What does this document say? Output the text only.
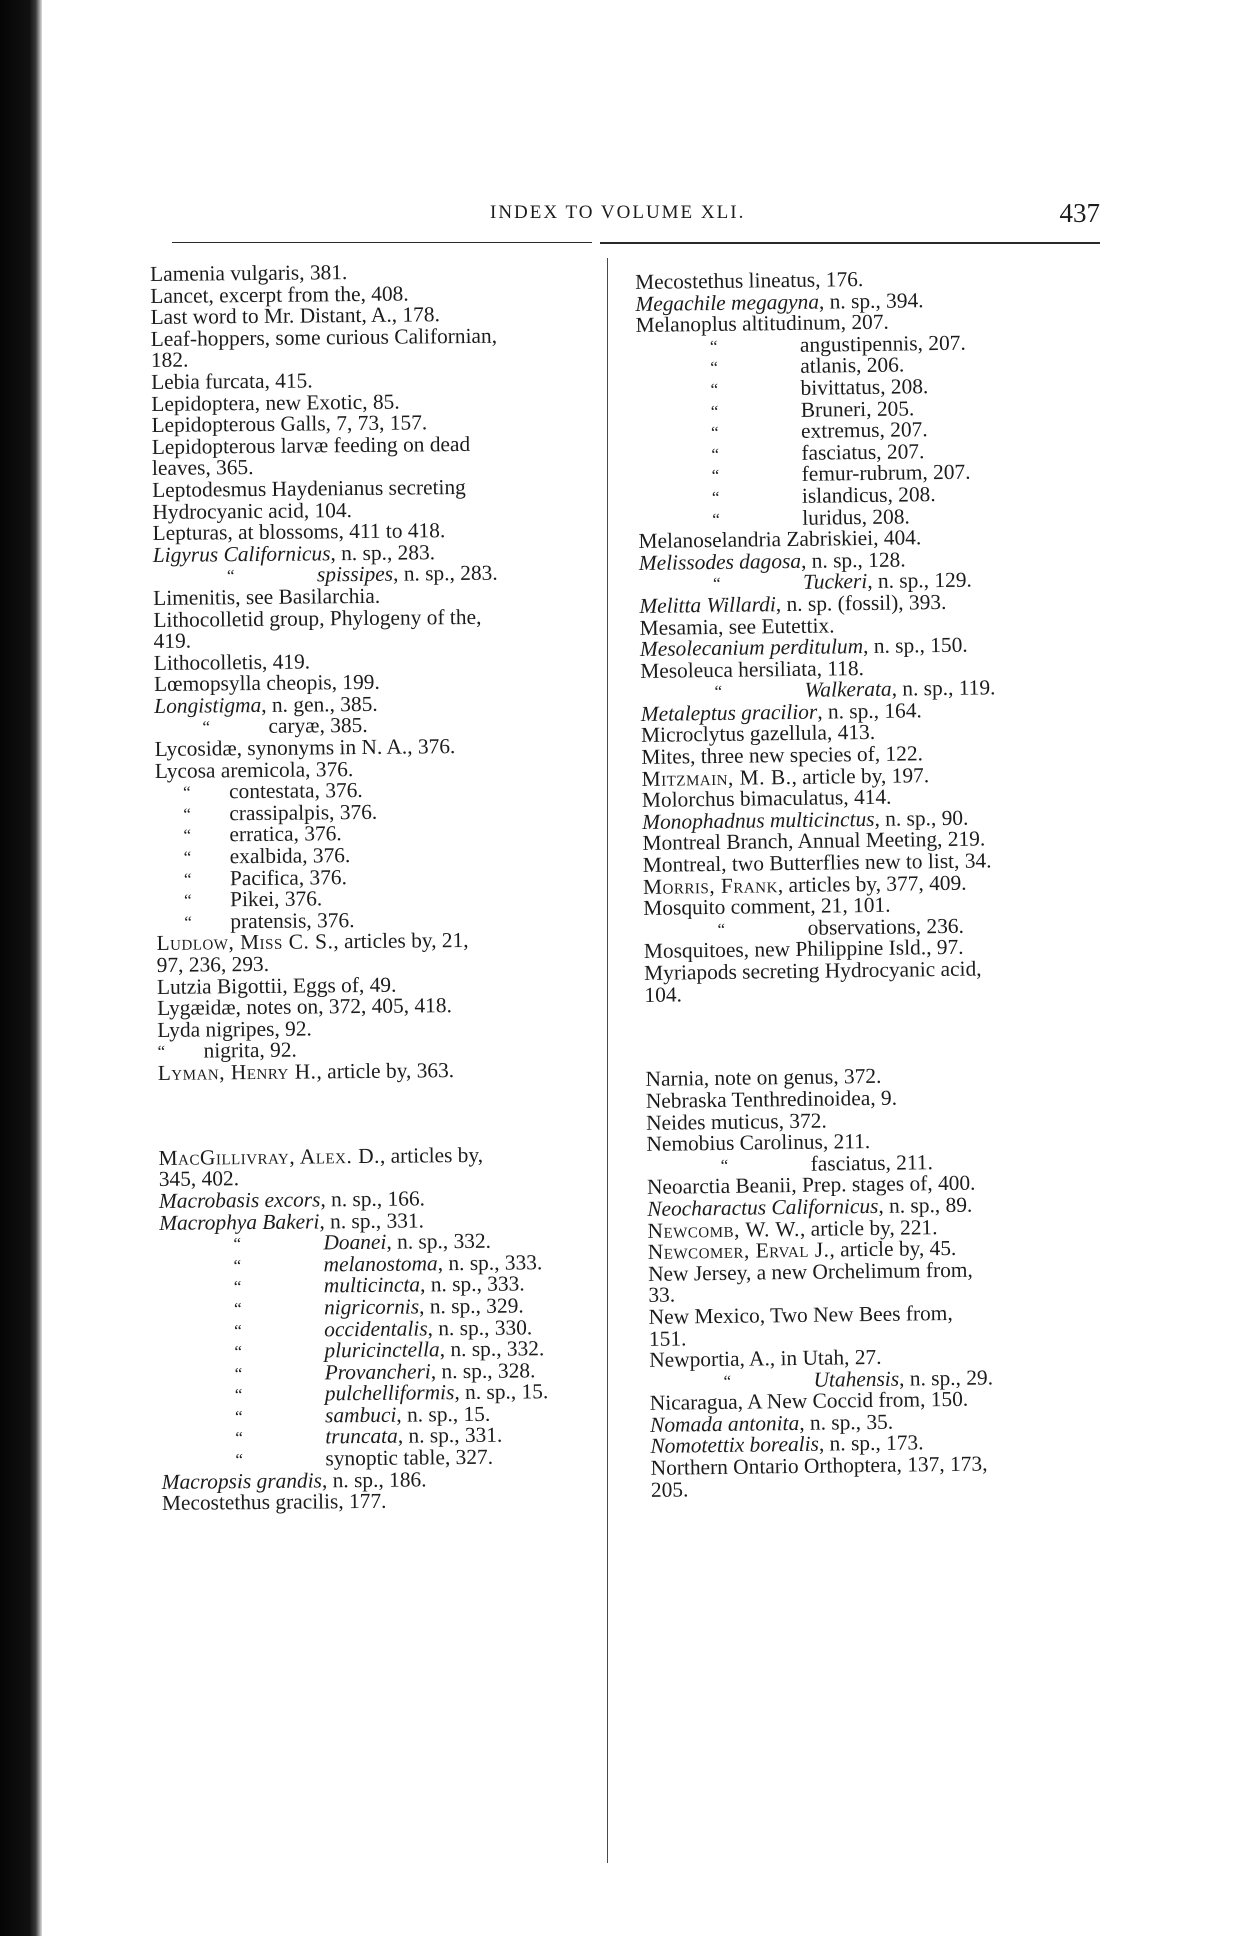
INDEX TO VOLUME XLI.	437

Lamenia vulgaris, 381.

Lancet, excerpt from the, 408.

Last word to Mr. Distant, A., 178.

Leaf-hoppers, some curious Californian,
182.

Lebia furcata, 415.

Lepidoptera, new Exotic, 85.

Lepidopterous Galls, 7, 73, 157.

Lepidopterous larvæ feeding on dead
leaves, 365.

Leptodesmus Haydenianus secreting
Hydrocyanic acid, 104.

Lepturas, at blossoms, 411 to 418.

Ligyrus Californicus, n. sp., 283.

“	spissipes, n. sp., 283.

Limenitis, see Basilarchia.

Lithocolletid group, Phylogeny of the,
419.

Lithocolletis, 419.

Lœmopsylla cheopis, 199.

Longistigma, n. gen., 385.

“	caryæ, 385.

Lycosidæ, synonyms in N. A., 376.

Lycosa aremicola, 376.

“ contestata, 376.

“ crassipalpis, 376.

“ erratica, 376.

“ exalbida, 376.

“ Pacifica, 376.

“ Pikei, 376.

“ pratensis, 376.

Ludlow, Miss C. S., articles by, 21,
97, 236, 293.

Lutzia Bigottii, Eggs of, 49.

Lygæidæ, notes on, 372, 405, 418.

Lyda nigripes, 92.

“ nigrita, 92.

Lyman, Henry H., article by, 363.

MacGillivray, Alex. D., articles by,
345, 402.

Macrobasis excors, n. sp., 166.

Macrophya Bakeri, n. sp., 331.

“	Doanei, n. sp., 332.

“	melanostoma, n. sp., 333.

“	multicincta, n. sp., 333.

“	nigricornis, n. sp., 329.

“	occidentalis, n. sp., 330.

“	pluricinctella, n. sp., 332.

“	Provancheri, n. sp., 328.

“	pulchelliformis, n. sp., 15.

“	sambuci, n. sp., 15.

“	truncata, n. sp., 331.

“	synoptic table, 327.

Macropsis grandis, n. sp., 186.

Mecostethus gracilis, 177.

Mecostethus lineatus, 176.

Megachile megagyna, n. sp., 394.

Melanoplus altitudinum, 207.

“	angustipennis, 207.

“	atlanis, 206.

“	bivittatus, 208.

“	Bruneri, 205.

“	extremus, 207.

“	fasciatus, 207.

“	femur-rubrum, 207.

“	islandicus, 208.

“	luridus, 208.

Melanoselandria Zabriskiei, 404.

Melissodes dagosa, n. sp., 128.

“	Tuckeri, n. sp., 129.

Melitta Willardi, n. sp. (fossil), 393.

Mesamia, see Eutettix.

Mesolecanium perditulum, n. sp., 150.

Mesoleuca hersiliata, 118.

“	Walkerata, n. sp., 119.

Metaleptus gracilior, n. sp., 164.

Microclytus gazellula, 413.

Mites, three new species of, 122.

Mitzmain, M. B., article by, 197.

Molorchus bimaculatus, 414.

Monophadnus multicinctus, n. sp., 90.

Montreal Branch, Annual Meeting, 219.

Montreal, two Butterflies new to list, 34.

Morris, Frank, articles by, 377, 409.

Mosquito comment, 21, 101.

“	observations, 236.

Mosquitoes, new Philippine Isld., 97.

Myriapods secreting Hydrocyanic acid,
104.

Narnia, note on genus, 372.

Nebraska Tenthredinoidea, 9.

Neides muticus, 372.

Nemobius Carolinus, 211.

“	fasciatus, 211.

Neoarctia Beanii, Prep. stages of, 400.

Neocharactus Californicus, n. sp., 89.

Newcomb, W. W., article by, 221.

Newcomer, Erval J., article by, 45.

New Jersey, a new Orchelimum from,
33.

New Mexico, Two New Bees from,
151.

Newportia, A., in Utah, 27.

“	Utahensis, n. sp., 29.

Nicaragua, A New Coccid from, 150.

Nomada antonita, n. sp., 35.

Nomotettix borealis, n. sp., 173.

Northern Ontario Orthoptera, 137, 173,
205.
